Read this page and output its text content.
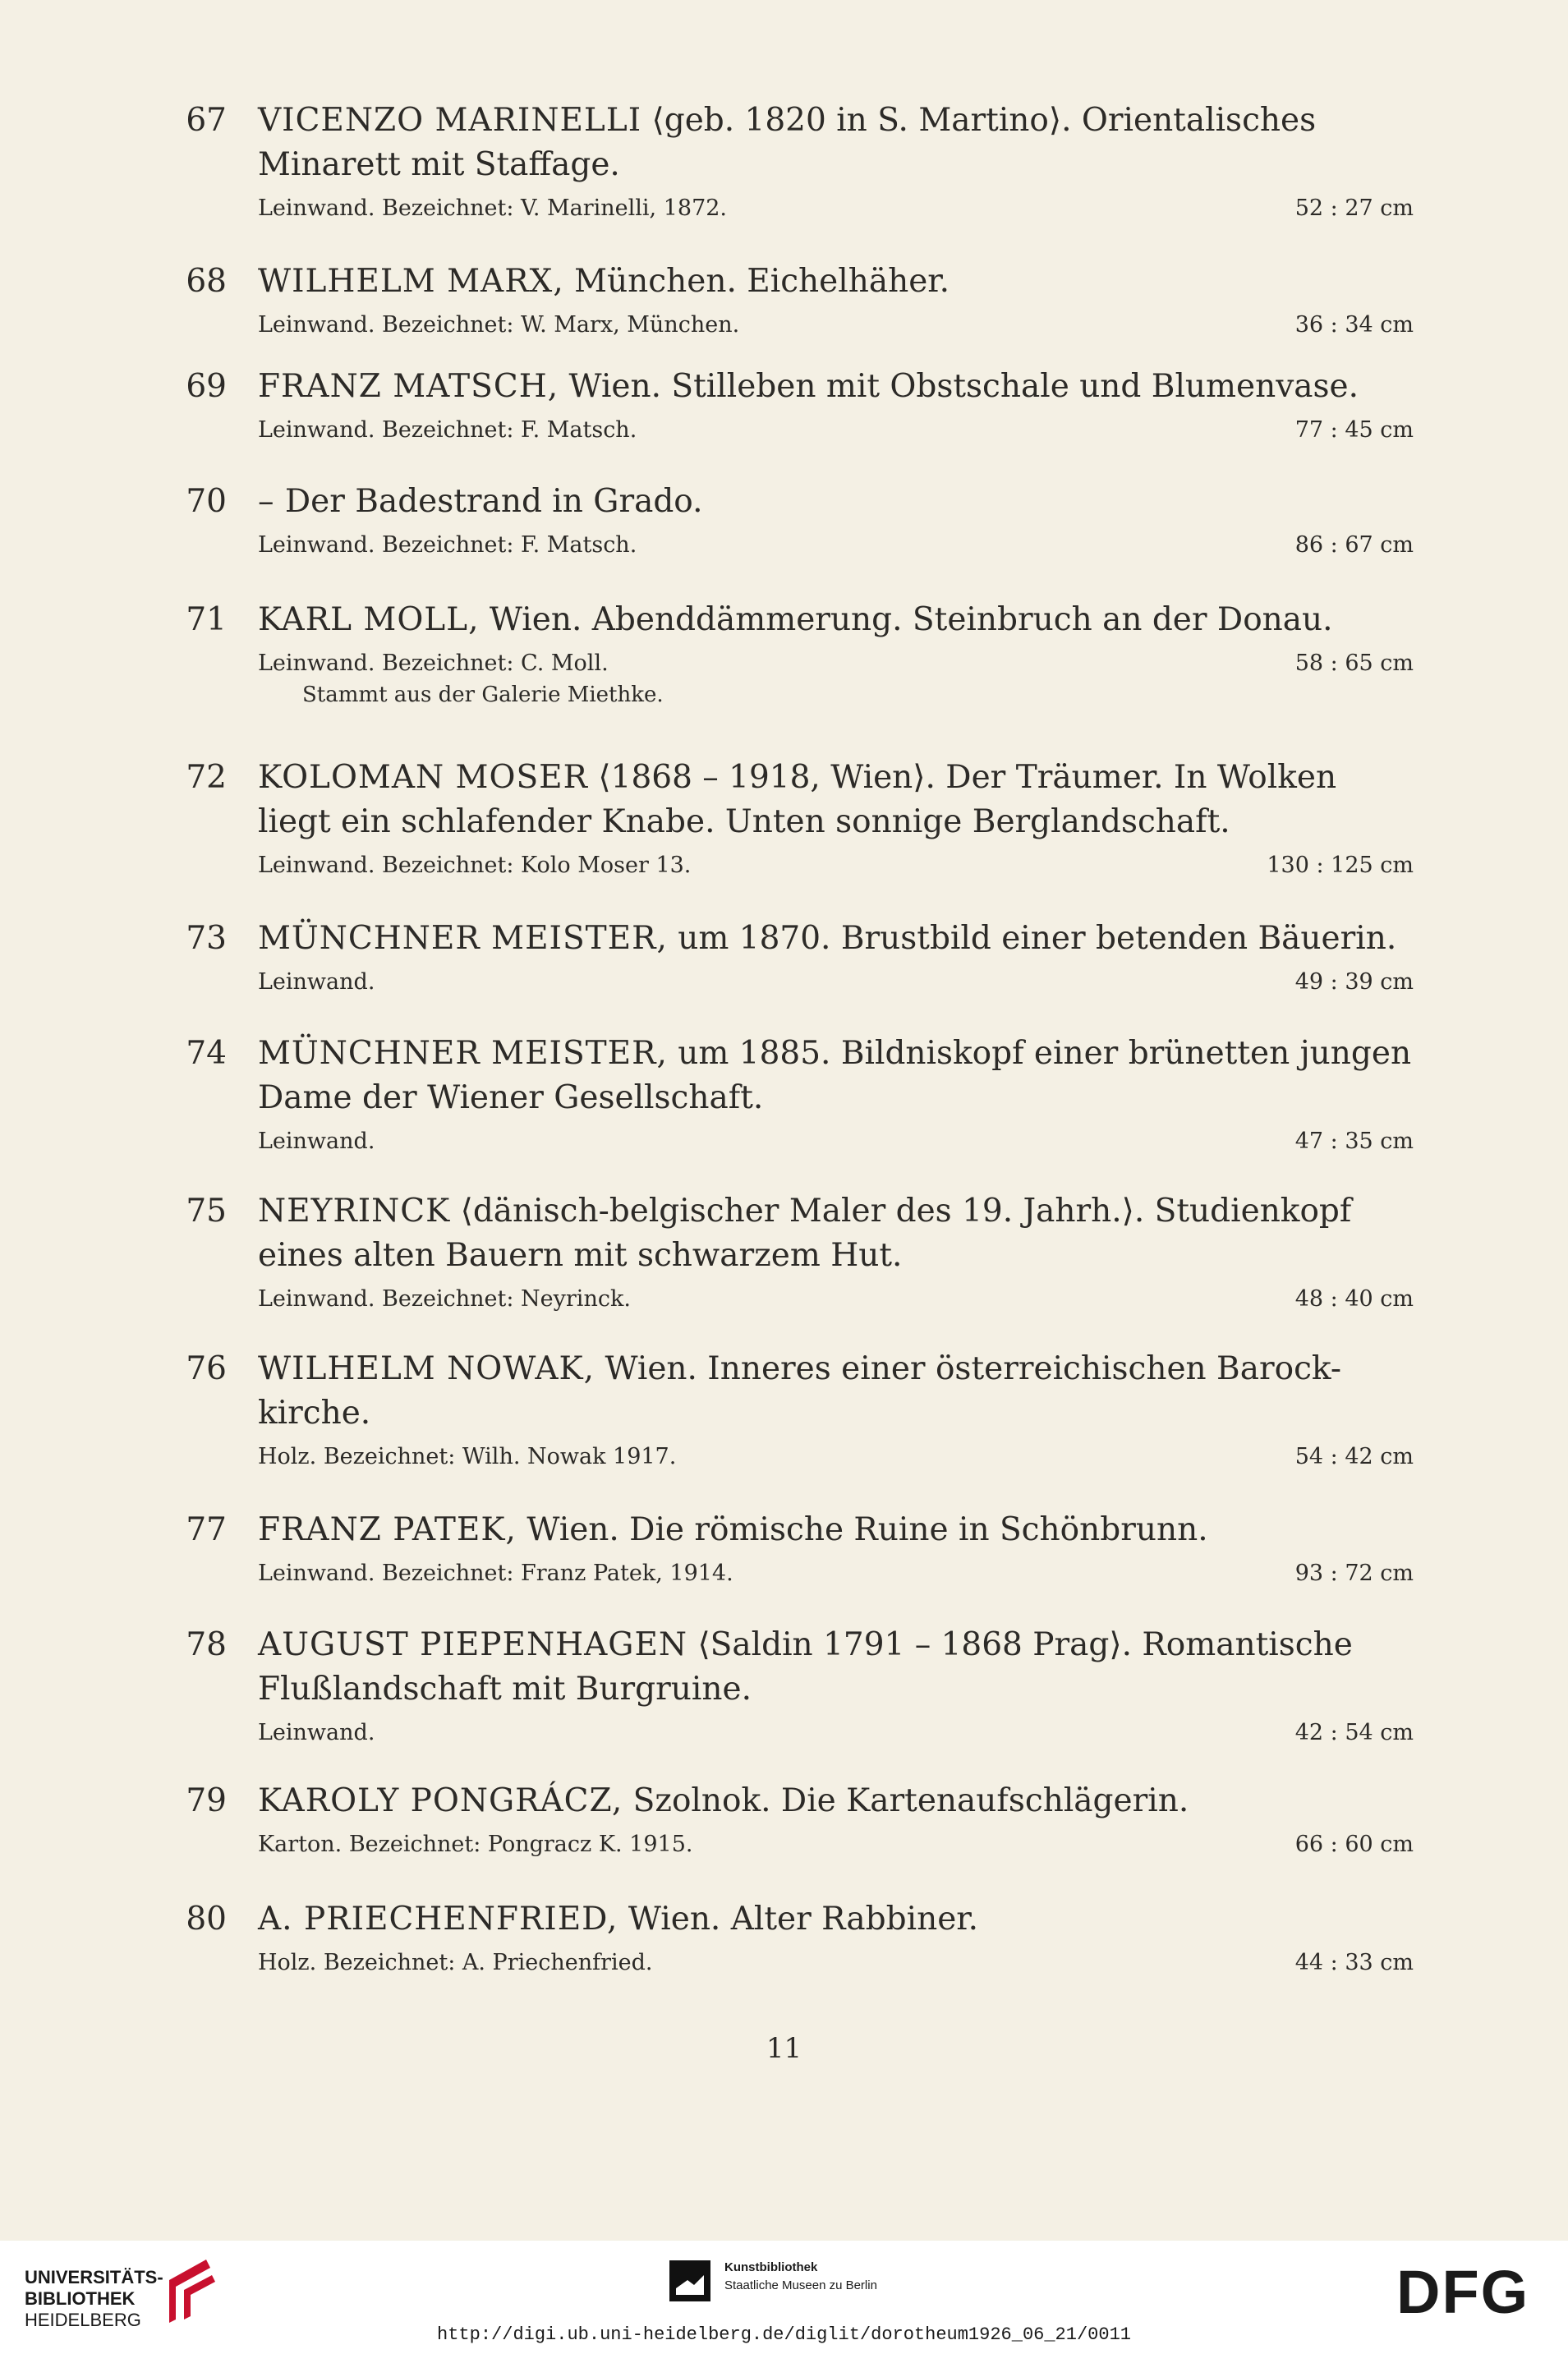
67 VICENZO MARINELLI ⟨geb. 1820 in S. Martino⟩. Orientalisches
Minarett mit Staffage.
Leinwand. Bezeichnet: V. Marinelli, 1872.	52 : 27 cm
68 WILHELM MARX, München. Eichelhäher.
Leinwand. Bezeichnet: W. Marx, München.	36 : 34 cm
69 FRANZ MATSCH, Wien. Stilleben mit Obstschale und Blumenvase.
Leinwand. Bezeichnet: F. Matsch.	77 : 45 cm
70 – Der Badestrand in Grado.
Leinwand. Bezeichnet: F. Matsch.	86 : 67 cm
71 KARL MOLL, Wien. Abenddämmerung. Steinbruch an der Donau.
Leinwand. Bezeichnet: C. Moll.	58 : 65 cm
Stammt aus der Galerie Miethke.
72 KOLOMAN MOSER ⟨1868 – 1918, Wien⟩. Der Träumer. In Wolken
liegt ein schlafender Knabe. Unten sonnige Berglandschaft.
Leinwand. Bezeichnet: Kolo Moser 13.	130 : 125 cm
73 MÜNCHNER MEISTER, um 1870. Brustbild einer betenden Bäuerin.
Leinwand.	49 : 39 cm
74 MÜNCHNER MEISTER, um 1885. Bildniskopf einer brünetten jungen
Dame der Wiener Gesellschaft.
Leinwand.	47 : 35 cm
75 NEYRINCK ⟨dänisch-belgischer Maler des 19. Jahrh.⟩. Studienkopf
eines alten Bauern mit schwarzem Hut.
Leinwand. Bezeichnet: Neyrinck.	48 : 40 cm
76 WILHELM NOWAK, Wien. Inneres einer österreichischen Barock-
kirche.
Holz. Bezeichnet: Wilh. Nowak 1917.	54 : 42 cm
77 FRANZ PATEK, Wien. Die römische Ruine in Schönbrunn.
Leinwand. Bezeichnet: Franz Patek, 1914.	93 : 72 cm
78 AUGUST PIEPENHAGEN ⟨Saldin 1791 – 1868 Prag⟩. Romantische
Flußlandschaft mit Burgruine.
Leinwand.	42 : 54 cm
79 KAROLY PONGRÁCZ, Szolnok. Die Kartenaufschlägerin.
Karton. Bezeichnet: Pongracz K. 1915.	66 : 60 cm
80 A. PRIECHENFRIED, Wien. Alter Rabbiner.
Holz. Bezeichnet: A. Priechenfried.	44 : 33 cm
11
UNIVERSITÄTS-
BIBLIOTHEK
HEIDELBERG
Kunstbibliothek
Staatliche Museen zu Berlin	DFG
http://digi.ub.uni-heidelberg.de/diglit/dorotheum1926_06_21/0011
